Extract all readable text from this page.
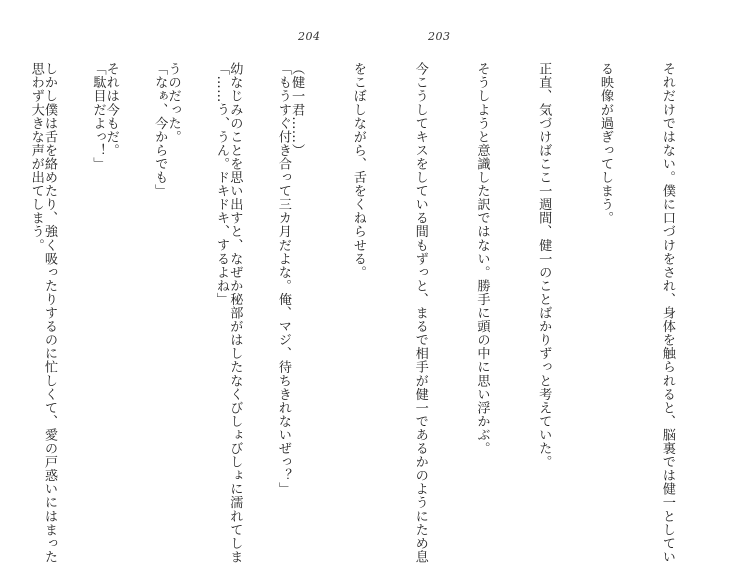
204	203

それだけではない。僕に口づけをされ、身体を触られると、脳裏では健一としてい

る映像が過ぎってしまう。

正直、気づけばここ一週間、健一のことばかりずっと考えていた。

そうしようと意識した訳ではない。勝手に頭の中に思い浮かぶ。

今こうしてキスをしている間もずっと、まるで相手が健一であるかのようにため息

をこぼしながら、舌をくねらせる。

（健一君……）

幼なじみのことを思い出すと、なぜか秘部がはしたなくびしょびしょに濡れてしま

うのだった。

それは今もだ。

しかし僕は舌を絡めたり、強く吸ったりするのに忙しくて、愛の戸惑いにはまった

	「もうすぐ付き合って三カ月だよな。俺、マジ、待ちきれないぜっ？」

「……う、うん。ドキドキ、するよね」

「なぁ、今からでも」

「駄目だよっ！」

思わず大きな声が出てしまう。
